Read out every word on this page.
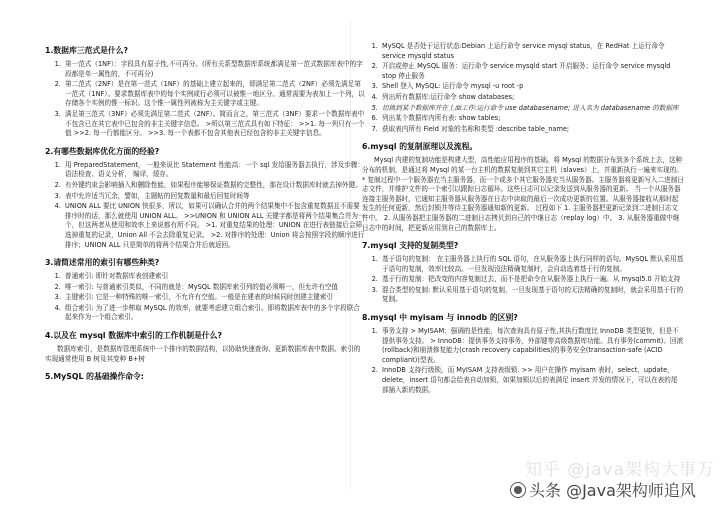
1.数据库三范式是什么?
1. 第一范式（1NF）：字段具有原子性,不可再分。(所有关系型数据库系统都满足第一范式数据库表中的字段都是单一属性的，不可再分)
2. 第二范式（2NF）是在第一范式（1NF）的基础上建立起来的，即满足第二范式（2NF）必须先满足第一范式（1NF）。要求数据库表中的每个实例或行必须可以被惟一地区分。通常需要为表加上一个列，以存储各个实例的惟一标识。这个惟一属性列被称为主关键字或主键。
3. 满足第三范式（3NF）必须先满足第二范式（2NF）。简而言之，第三范式（3NF）要求一个数据库表中不包含已在其它表中已包含的非主关键字信息。 >所以第三范式具有如下特征： >>1. 每一列只有一个值 >>2. 每一行都能区分。 >>3. 每一个表都不包含其他表已经包含的非主关键字信息。
2.有哪些数据库优化方面的经验?
1. 用 PreparedStatement， 一般来说比 Statement 性能高：一个 sql 发给服务器去执行，涉及步骤：语法检查、语义分析， 编译，缓存。
2. 有外键约束会影响插入和删除性能，如果程序能够保证数据的完整性，那在设计数据库时就去掉外键。
3. 表中允许适当冗余，譬如，主题帖的回复数量和最后回复时间等
4. UNION ALL 要比 UNION 快很多，所以，如果可以确认合并的两个结果集中不包含重复数据且不需要排序时的话，那么就使用 UNION ALL。 >>UNION 和 UNION ALL 关键字都是将两个结果集合并为一个，但这两者从使用和效率上来说都有所不同。 >1. 对重复结果的处理：UNION 在进行表链接后会筛选掉重复的记录，Union All 不会去除重复记录。 >2. 对排序的处理：Union 将会按照字段的顺序进行排序；UNION ALL 只是简单的将两个结果合并后就返回。
3.请简述常用的索引有哪些种类?
1. 普通索引: 即针对数据库表创建索引
2. 唯一索引: 与普通索引类似，不同的就是：MySQL 数据库索引列的值必须唯一，但允许有空值
3. 主键索引: 它是一种特殊的唯一索引，不允许有空值。一般是在建表的时候同时创建主键索引
4. 组合索引: 为了进一步榨取 MySQL 的效率，就要考虑建立组合索引。即将数据库表中的多个字段联合起来作为一个组合索引。
4.以及在 mysql 数据库中索引的工作机制是什么?

数据库索引，是数据库管理系统中一个排序的数据结构，以协助快速查询、更新数据库表中数据。索引的实现通常使用 B 树及其变种 B+树

5.MySQL 的基础操作命令:
1. MySQL 是否处于运行状态:Debian 上运行命令 service mysql status，在 RedHat 上运行命令 service mysqld status
2. 开启或停止 MySQL 服务：运行命令 service mysqld start 开启服务；运行命令 service mysqld stop 停止服务
3. Shell 登入 MySQL: 运行命令 mysql -u root -p
4. 列出所有数据库:运行命令 show databases;
5. 切换到某个数据库并在上面工作:运行命令 use databasename; 进入名为 databasename 的数据库
6. 列出某个数据库内所有表: show tables;
7. 获取表内所有 Field 对象的名称和类型 :describe table_name;
6.mysql 的复制原理以及流程。

Mysql 内建的复制功能是构建大型，高性能应用程序的基础。将 Mysql 的数据分布到多个系统上去，这种分布的机制，是通过将 Mysql 的某一台主机的数据复制到其它主机（slaves）上，并重新执行一遍来实现的。 * 复制过程中一个服务器充当主服务器，而一个或多个其它服务器充当从服务器。主服务器将更新写入二进制日志文件，并维护文件的一个索引以跟踪日志循环。这些日志可以记录发送到从服务器的更新。 当一个从服务器连接主服务器时，它通知主服务器从服务器在日志中读取的最后一次成功更新的位置。从服务器接收从那时起发生的任何更新，然后封锁并等待主服务器通知新的更新。 过程如下 1. 主服务器把更新记录到二进制日志文件中。 2. 从服务器把主服务器的二进制日志拷贝到自己的中继日志（replay log）中。 3. 从服务器重做中继日志中的时间，把更新应用到自己的数据库上。

7.mysql 支持的复制类型?
1. 基于语句的复制： 在主服务器上执行的 SQL 语句，在从服务器上执行同样的语句。MySQL 默认采用基于语句的复制，效率比较高。一旦发现没法精确复制时，会自动选着基于行的复制。
2. 基于行的复制：把改变的内容复制过去，而不是把命令在从服务器上执行一遍。从 mysql5.0 开始支持
3. 混合类型的复制: 默认采用基于语句的复制，一旦发现基于语句的无法精确的复制时，就会采用基于行的复制。
8.mysql 中 myisam 与 innodb 的区别?
1. 事务支持 > MyISAM：强调的是性能，每次查询具有原子性,其执行数度比 InnoDB 类型更快，但是不提供事务支持。 > InnoDB：提供事务支持事务，外部键等高级数据库功能。具有事务(commit)、回滚(rollback)和崩溃修复能力(crash recovery capabilities)的事务安全(transaction-safe (ACID compliant))型表。
2. InnoDB 支持行级锁，而 MyISAM 支持表级锁. >> 用户在操作 myisam 表时，select，update，delete，insert 语句都会给表自动加锁，如果加锁以后的表满足 insert 并发的情况下，可以在表的尾部插入新的数据。
知乎 @java架构大事万
头条 @Java架构师追风
